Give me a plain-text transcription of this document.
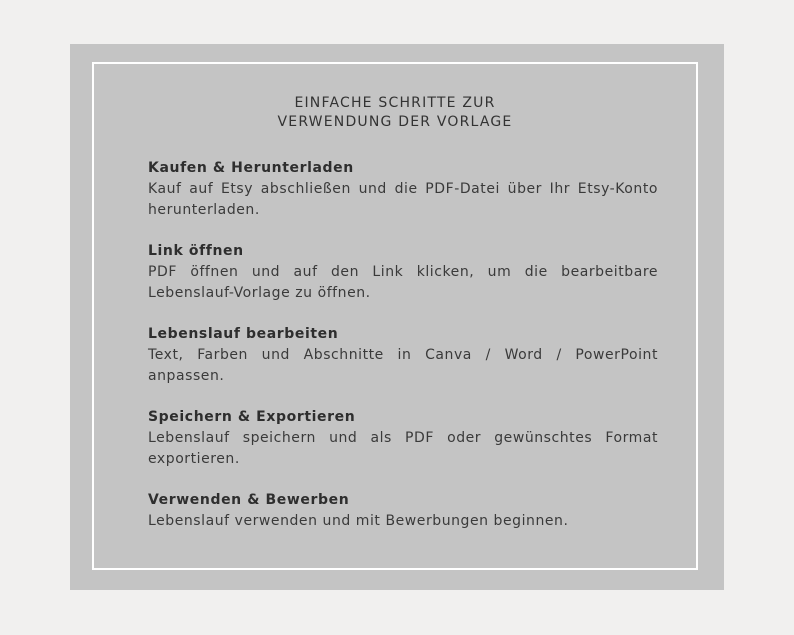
EINFACHE SCHRITTE ZUR
VERWENDUNG DER VORLAGE
Kaufen & Herunterladen
Kauf auf Etsy abschließen und die PDF-Datei über Ihr Etsy-Konto herunterladen.
Link öffnen
PDF öffnen und auf den Link klicken, um die bearbeitbare Lebenslauf-Vorlage zu öffnen.
Lebenslauf bearbeiten
Text, Farben und Abschnitte in Canva / Word / PowerPoint anpassen.
Speichern & Exportieren
Lebenslauf speichern und als PDF oder gewünschtes Format exportieren.
Verwenden & Bewerben
Lebenslauf verwenden und mit Bewerbungen beginnen.
